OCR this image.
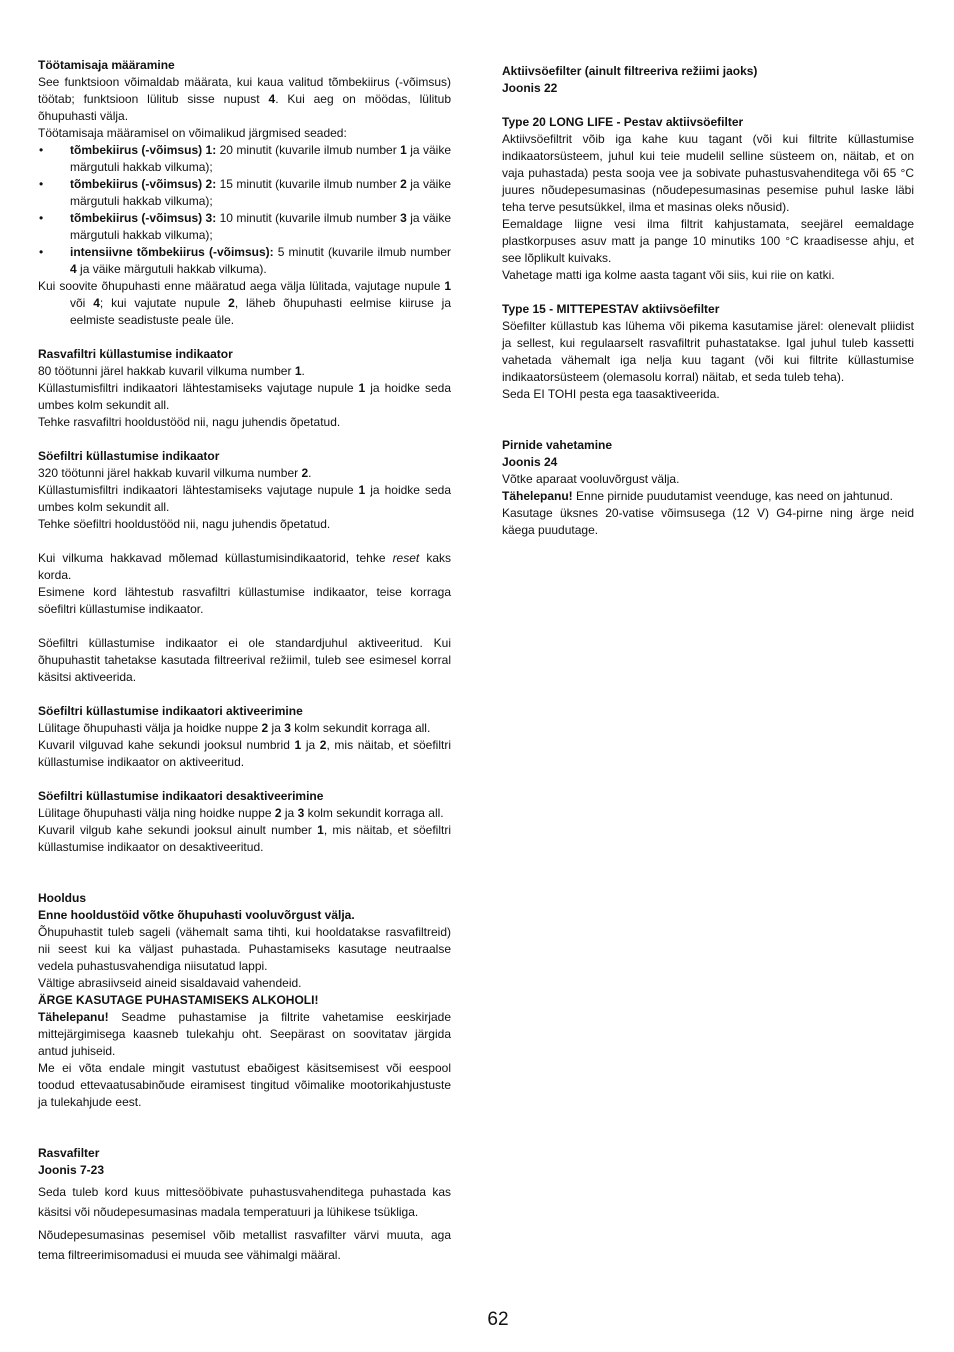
Töötamisaja määramine

See funktsioon võimaldab määrata, kui kaua valitud tõmbekiirus (-võimsus) töötab; funktsioon lülitub sisse nupust 4. Kui aeg on möödas, lülitub õhupuhasti välja.

Töötamisaja määramisel on võimalikud järgmised seaded:

• tõmbekiirus (-võimsus) 1: 20 minutit (kuvarile ilmub number 1 ja väike märgutuli hakkab vilkuma);
• tõmbekiirus (-võimsus) 2: 15 minutit (kuvarile ilmub number 2 ja väike märgutuli hakkab vilkuma);
• tõmbekiirus (-võimsus) 3: 10 minutit (kuvarile ilmub number 3 ja väike märgutuli hakkab vilkuma);
• intensiivne tõmbekiirus (-võimsus): 5 minutit (kuvarile ilmub number 4 ja väike märgutuli hakkab vilkuma).

Kui soovite õhupuhasti enne määratud aega välja lülitada, vajutage nupule 1 või 4; kui vajutate nupule 2, läheb õhupuhasti eelmise kiiruse ja eelmiste seadistuste peale üle.

Rasvafiltri küllastumise indikaator

80 töötunni järel hakkab kuvaril vilkuma number 1.

Küllastumisfiltri indikaatori lähtestamiseks vajutage nupule 1 ja hoidke seda umbes kolm sekundit all.

Tehke rasvafiltri hooldustööd nii, nagu juhendis õpetatud.

Söefiltri küllastumise indikaator

320 töötunni järel hakkab kuvaril vilkuma number 2.

Küllastumisfiltri indikaatori lähtestamiseks vajutage nupule 1 ja hoidke seda umbes kolm sekundit all.

Tehke söefiltri hooldustööd nii, nagu juhendis õpetatud.

Kui vilkuma hakkavad mõlemad küllastumisindikaatorid, tehke reset kaks korda.

Esimene kord lähtestub rasvafiltri küllastumise indikaator, teise korraga söefiltri küllastumise indikaator.

Söefiltri küllastumise indikaator ei ole standardjuhul aktiveeritud. Kui õhupuhastit tahetakse kasutada filtreerival režiimil, tuleb see esimesel korral käsitsi aktiveerida.

Söefiltri küllastumise indikaatori aktiveerimine

Lülitage õhupuhasti välja ja hoidke nuppe 2 ja 3 kolm sekundit korraga all.

Kuvaril vilguvad kahe sekundi jooksul numbrid 1 ja 2, mis näitab, et söefiltri küllastumise indikaator on aktiveeritud.

Söefiltri küllastumise indikaatori desaktiveerimine

Lülitage õhupuhasti välja ning hoidke nuppe 2 ja 3 kolm sekundit korraga all.

Kuvaril vilgub kahe sekundi jooksul ainult number 1, mis näitab, et söefiltri küllastumise indikaator on desaktiveeritud.

Hooldus

Enne hooldustöid võtke õhupuhasti vooluvõrgust välja.

Õhupuhastit tuleb sageli (vähemalt sama tihti, kui hooldatakse rasvafiltreid) nii seest kui ka väljast puhastada. Puhastamiseks kasutage neutraalse vedela puhastusvahendiga niisutatud lappi.

Vältige abrasiivseid aineid sisaldavaid vahendeid.

ÄRGE KASUTAGE PUHASTAMISEKS ALKOHOLI!

Tähelepanu! Seadme puhastamise ja filtrite vahetamise eeskirjade mittejärgimisega kaasneb tulekahju oht. Seepärast on soovitatav järgida antud juhiseid.

Me ei võta endale mingit vastutust ebaõigest käsitsemisest või eespool toodud ettevaatusabinõude eiramisest tingitud võimalike mootorikahjustuste ja tulekahjude eest.

Rasvafilter

Joonis 7-23

Seda tuleb kord kuus mittesööbivate puhastusvahenditega puhastada kas käsitsi või nõudepesumasinas madala temperatuuri ja lühikese tsükliga.

Nõudepesumasinas pesemisel võib metallist rasvafilter värvi muuta, aga tema filtreerimisomadusi ei muuda see vähimalgi määral.

Aktiivsöefilter (ainult filtreeriva režiimi jaoks)

Joonis 22

Type 20 LONG LIFE - Pestav aktiivsöefilter

Aktiivsöefiltrit võib iga kahe kuu tagant (või kui filtrite küllastumise indikaatorsüsteem, juhul kui teie mudelil selline süsteem on, näitab, et on vaja puhastada) pesta sooja vee ja sobivate puhastusvahenditega või 65 °C juures nõudepesumasinas (nõudepesumasinas pesemise puhul laske läbi teha terve pesutsükkel, ilma et masinas oleks nõusid).

Eemaldage liigne vesi ilma filtrit kahjustamata, seejärel eemaldage plastkorpuses asuv matt ja pange 10 minutiks 100 °C kraadisesse ahju, et see lõplikult kuivaks.

Vahetage matti iga kolme aasta tagant või siis, kui riie on katki.

Type 15 - MITTEPESTAV aktiivsöefilter

Söefilter küllastub kas lühema või pikema kasutamise järel: olenevalt pliidist ja sellest, kui regulaarselt rasvafiltrit puhastatakse. Igal juhul tuleb kassetti vahetada vähemalt iga nelja kuu tagant (või kui filtrite küllastumise indikaatorsüsteem (olemasolu korral) näitab, et seda tuleb teha).

Seda EI TOHI pesta ega taasaktiveerida.

Pirnide vahetamine

Joonis 24

Võtke aparaat vooluvõrgust välja.

Tähelepanu! Enne pirnide puudutamist veenduge, kas need on jahtunud.

Kasutage üksnes 20-vatise võimsusega (12 V) G4-pirne ning ärge neid käega puudutage.

62
